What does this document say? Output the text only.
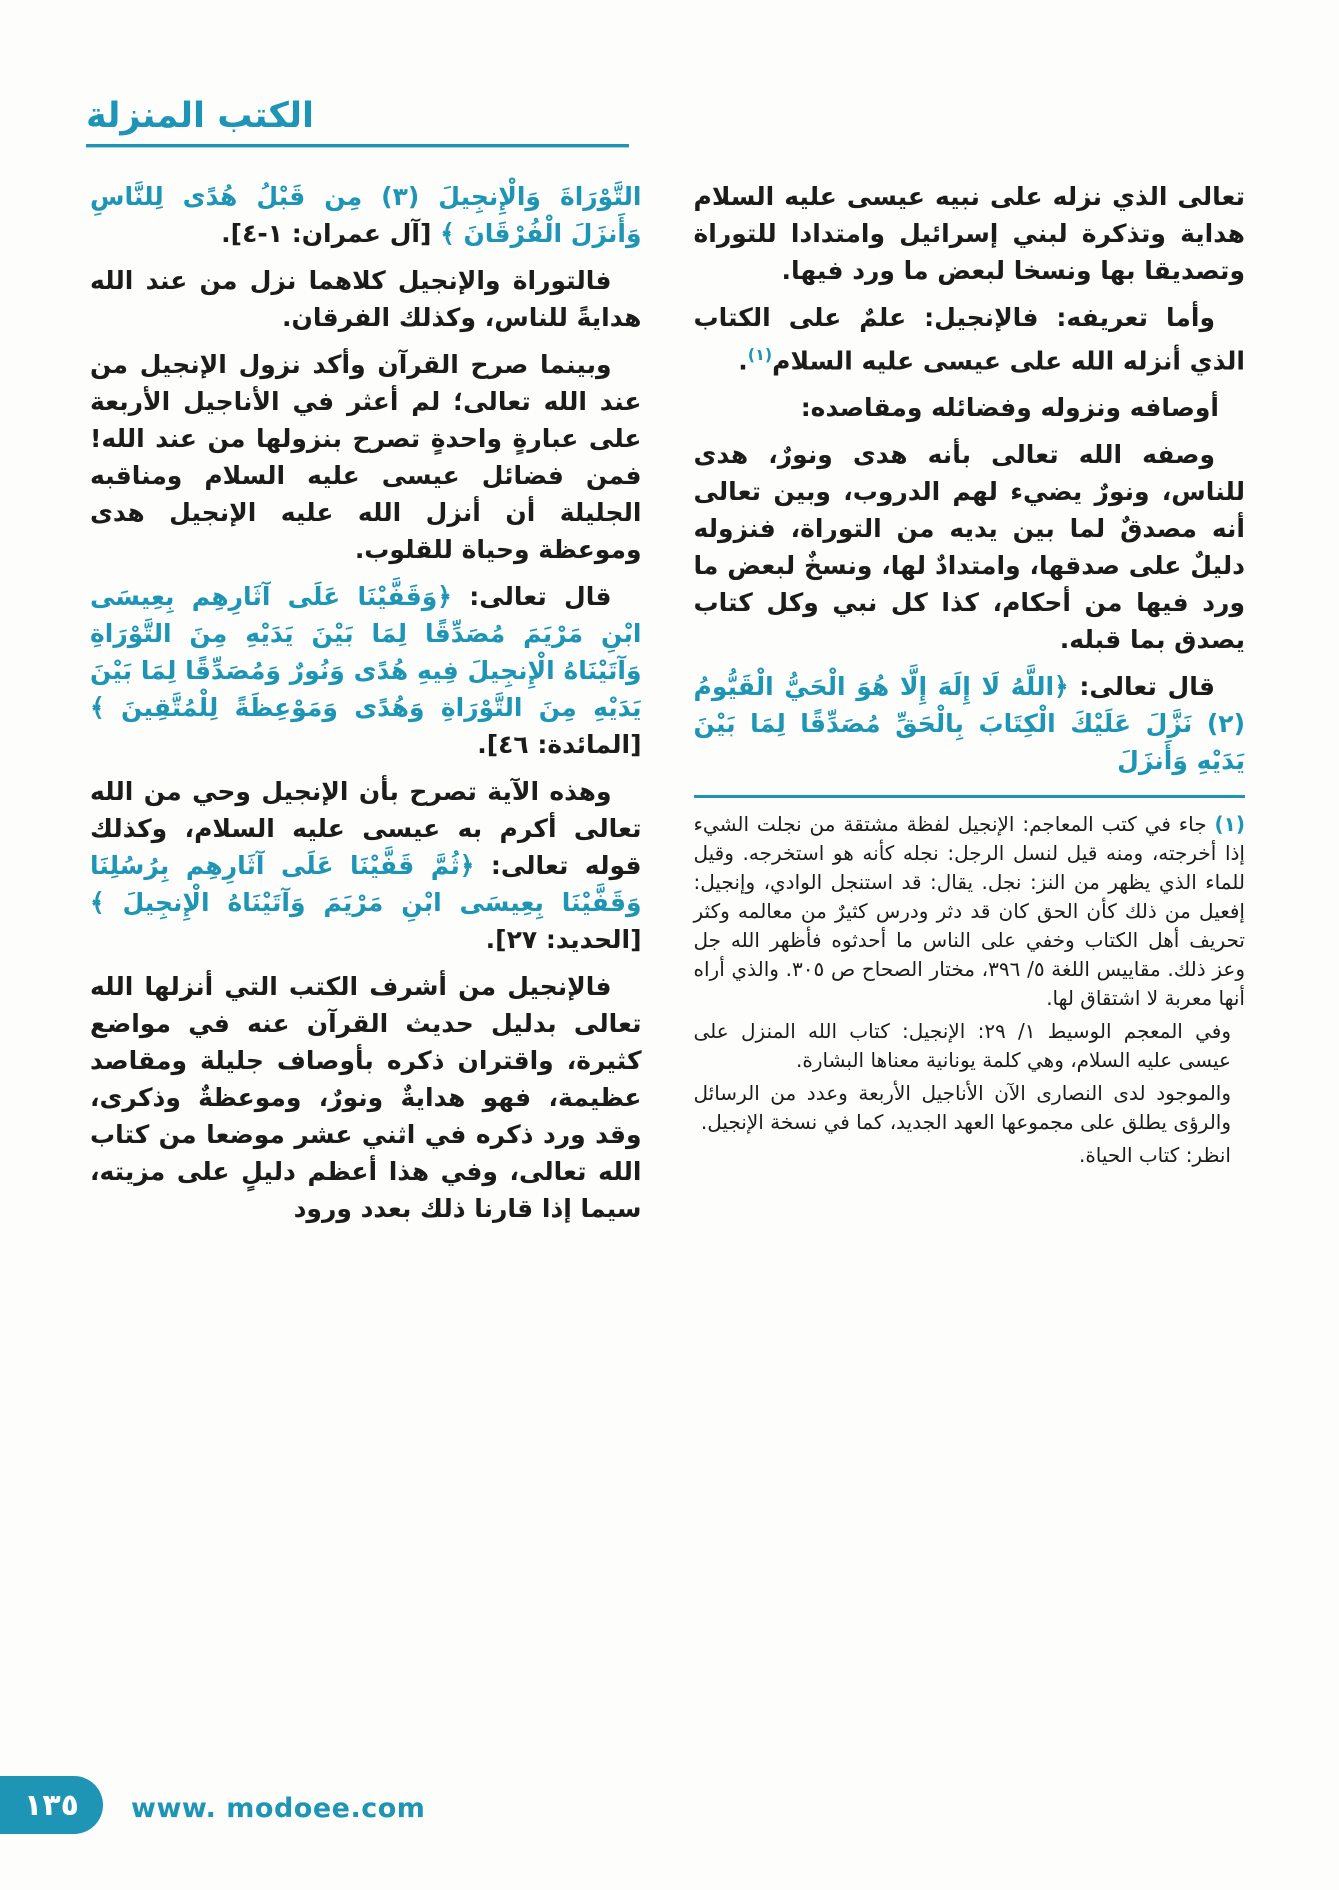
الكتب المنزلة

تعالى الذي نزله على نبيه عيسى عليه السلام هداية وتذكرة لبني إسرائيل وامتدادا للتوراة وتصديقا بها ونسخا لبعض ما ورد فيها.

وأما تعريفه: فالإنجيل: علمٌ على الكتاب الذي أنزله الله على عيسى عليه السلام$^{(١)}$.

أوصافه ونزوله وفضائله ومقاصده:

وصفه الله تعالى بأنه هدى ونورٌ، هدى للناس، ونورٌ يضيء لهم الدروب، وبين تعالى أنه مصدقٌ لما بين يديه من التوراة، فنزوله دليلٌ على صدقها، وامتدادٌ لها، ونسخٌ لبعض ما ورد فيها من أحكام، كذا كل نبي وكل كتاب يصدق بما قبله.

قال تعالى: ﴿اللَّهُ لَا إِلَهَ إِلَّا هُوَ الْحَيُّ الْقَيُّومُ (٢) نَزَّلَ عَلَيْكَ الْكِتَابَ بِالْحَقِّ مُصَدِّقًا لِمَا بَيْنَ يَدَيْهِ وَأَنزَلَ

(١) جاء في كتب المعاجم: الإنجيل لفظة مشتقة من نجلت الشيء إذا أخرجته، ومنه قيل لنسل الرجل: نجله كأنه هو استخرجه. وقيل للماء الذي يظهر من النز: نجل. يقال: قد استنجل الوادي، وإنجيل: إفعيل من ذلك كأن الحق كان قد دثر ودرس كثيرٌ من معالمه وكثر تحريف أهل الكتاب وخفي على الناس ما أحدثوه فأظهر الله جل وعز ذلك. مقاييس اللغة ٥/ ٣٩٦، مختار الصحاح ص ٣٠٥. والذي أراه أنها معربة لا اشتقاق لها.

وفي المعجم الوسيط ١/ ٢٩: الإنجيل: كتاب الله المنزل على عيسى عليه السلام، وهي كلمة يونانية معناها البشارة.

والموجود لدى النصارى الآن الأناجيل الأربعة وعدد من الرسائل والرؤى يطلق على مجموعها العهد الجديد، كما في نسخة الإنجيل.

انظر: كتاب الحياة.

التَّوْرَاةَ وَالْإِنجِيلَ (٣) مِن قَبْلُ هُدًى لِلنَّاسِ وَأَنزَلَ الْفُرْقَانَ ﴾ [آل عمران: ١-٤].

فالتوراة والإنجيل كلاهما نزل من عند الله هدايةً للناس، وكذلك الفرقان.

وبينما صرح القرآن وأكد نزول الإنجيل من عند الله تعالى؛ لم أعثر في الأناجيل الأربعة على عبارةٍ واحدةٍ تصرح بنزولها من عند الله! فمن فضائل عيسى عليه السلام ومناقبه الجليلة أن أنزل الله عليه الإنجيل هدى وموعظة وحياة للقلوب.

قال تعالى: ﴿وَقَفَّيْنَا عَلَى آثَارِهِم بِعِيسَى ابْنِ مَرْيَمَ مُصَدِّقًا لِمَا بَيْنَ يَدَيْهِ مِنَ التَّوْرَاةِ وَآتَيْنَاهُ الْإِنجِيلَ فِيهِ هُدًى وَنُورٌ وَمُصَدِّقًا لِمَا بَيْنَ يَدَيْهِ مِنَ التَّوْرَاةِ وَهُدًى وَمَوْعِظَةً لِلْمُتَّقِينَ ﴾ [المائدة: ٤٦].

وهذه الآية تصرح بأن الإنجيل وحي من الله تعالى أكرم به عيسى عليه السلام، وكذلك قوله تعالى: ﴿ثُمَّ قَفَّيْنَا عَلَى آثَارِهِم بِرُسُلِنَا وَقَفَّيْنَا بِعِيسَى ابْنِ مَرْيَمَ وَآتَيْنَاهُ الْإِنجِيلَ ﴾ [الحديد: ٢٧].

فالإنجيل من أشرف الكتب التي أنزلها الله تعالى بدليل حديث القرآن عنه في مواضع كثيرة، واقتران ذكره بأوصاف جليلة ومقاصد عظيمة، فهو هدايةٌ ونورٌ، وموعظةٌ وذكرى، وقد ورد ذكره في اثني عشر موضعا من كتاب الله تعالى، وفي هذا أعظم دليلٍ على مزيته، سيما إذا قارنا ذلك بعدد ورود

١٣٥ www. modoee.com
